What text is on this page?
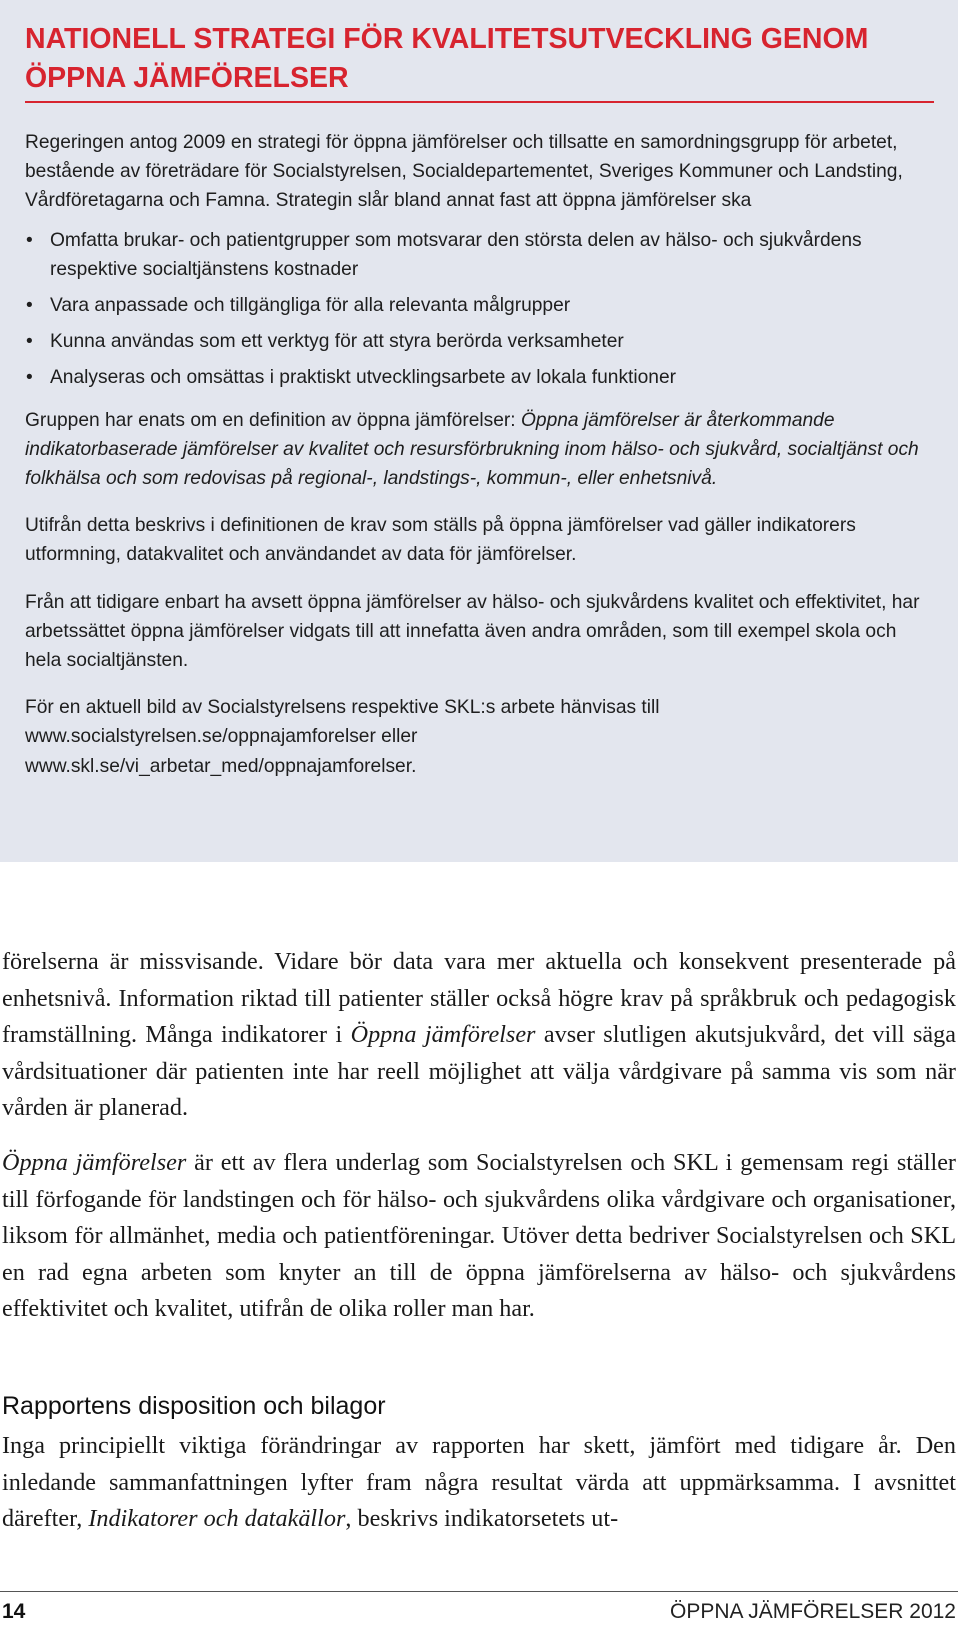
NATIONELL STRATEGI FÖR KVALITETSUTVECKLING GENOM ÖPPNA JÄMFÖRELSER

Regeringen antog 2009 en strategi för öppna jämförelser och tillsatte en samordningsgrupp för arbetet, bestående av företrädare för Socialstyrelsen, Socialdepartementet, Sveriges Kommuner och Landsting, Vårdföretagarna och Famna. Strategin slår bland annat fast att öppna jämförelser ska

• Omfatta brukar- och patientgrupper som motsvarar den största delen av hälso- och sjukvårdens respektive socialtjänstens kostnader
• Vara anpassade och tillgängliga för alla relevanta målgrupper
• Kunna användas som ett verktyg för att styra berörda verksamheter
• Analyseras och omsättas i praktiskt utvecklingsarbete av lokala funktioner

Gruppen har enats om en definition av öppna jämförelser: Öppna jämförelser är återkommande indikatorbaserade jämförelser av kvalitet och resursförbrukning inom hälso- och sjukvård, socialtjänst och folkhälsa och som redovisas på regional-, landstings-, kommun-, eller enhetsnivå.

Utifrån detta beskrivs i definitionen de krav som ställs på öppna jämförelser vad gäller indikatorers utformning, datakvalitet och användandet av data för jämförelser.

Från att tidigare enbart ha avsett öppna jämförelser av hälso- och sjukvårdens kvalitet och effektivitet, har arbetssättet öppna jämförelser vidgats till att innefatta även andra områden, som till exempel skola och hela socialtjänsten.

För en aktuell bild av Socialstyrelsens respektive SKL:s arbete hänvisas till
www.socialstyrelsen.se/oppnajamforelser eller
www.skl.se/vi_arbetar_med/oppnajamforelser.

förelserna är missvisande. Vidare bör data vara mer aktuella och konsekvent presenterade på enhetsnivå. Information riktad till patienter ställer också högre krav på språkbruk och pedagogisk framställning. Många indikatorer i Öppna jämförelser avser slutligen akutsjukvård, det vill säga vårdsituationer där patienten inte har reell möjlighet att välja vårdgivare på samma vis som när vården är planerad.

Öppna jämförelser är ett av flera underlag som Socialstyrelsen och SKL i gemensam regi ställer till förfogande för landstingen och för hälso- och sjukvårdens olika vårdgivare och organisationer, liksom för allmänhet, media och patientföreningar. Utöver detta bedriver Socialstyrelsen och SKL en rad egna arbeten som knyter an till de öppna jämförelserna av hälso- och sjukvårdens effektivitet och kvalitet, utifrån de olika roller man har.

Rapportens disposition och bilagor

Inga principiellt viktiga förändringar av rapporten har skett, jämfört med tidigare år. Den inledande sammanfattningen lyfter fram några resultat värda att uppmärksamma. I avsnittet därefter, Indikatorer och datakällor, beskrivs indikatorsetets ut-

14	ÖPPNA JÄMFÖRELSER 2012
